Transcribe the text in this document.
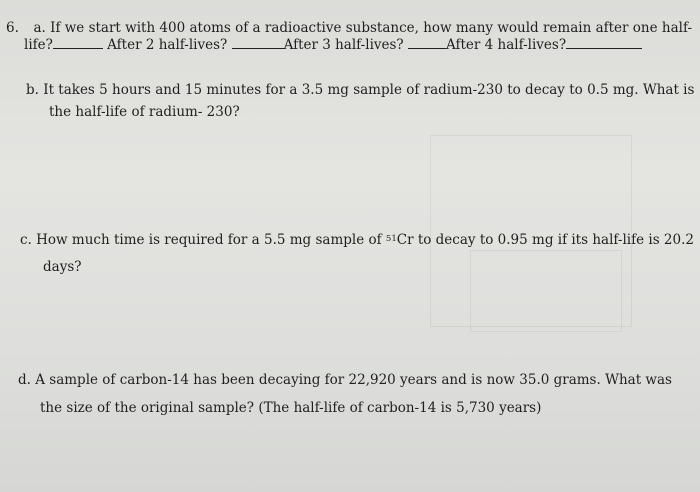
6. a. If we start with 400 atoms of a radioactive substance, how many would remain after one half-
life?	After 2 half-lives?	After 3 half-lives?	After 4 half-lives?
b. It takes 5 hours and 15 minutes for a 3.5 mg sample of radium-230 to decay to 0.5 mg. What is
the half-life of radium- 230?
c. How much time is required for a 5.5 mg sample of $^{51}$Cr to decay to 0.95 mg if its half-life is 20.2
days?
d. A sample of carbon-14 has been decaying for 22,920 years and is now 35.0 grams. What was
the size of the original sample? (The half-life of carbon-14 is 5,730 years)
